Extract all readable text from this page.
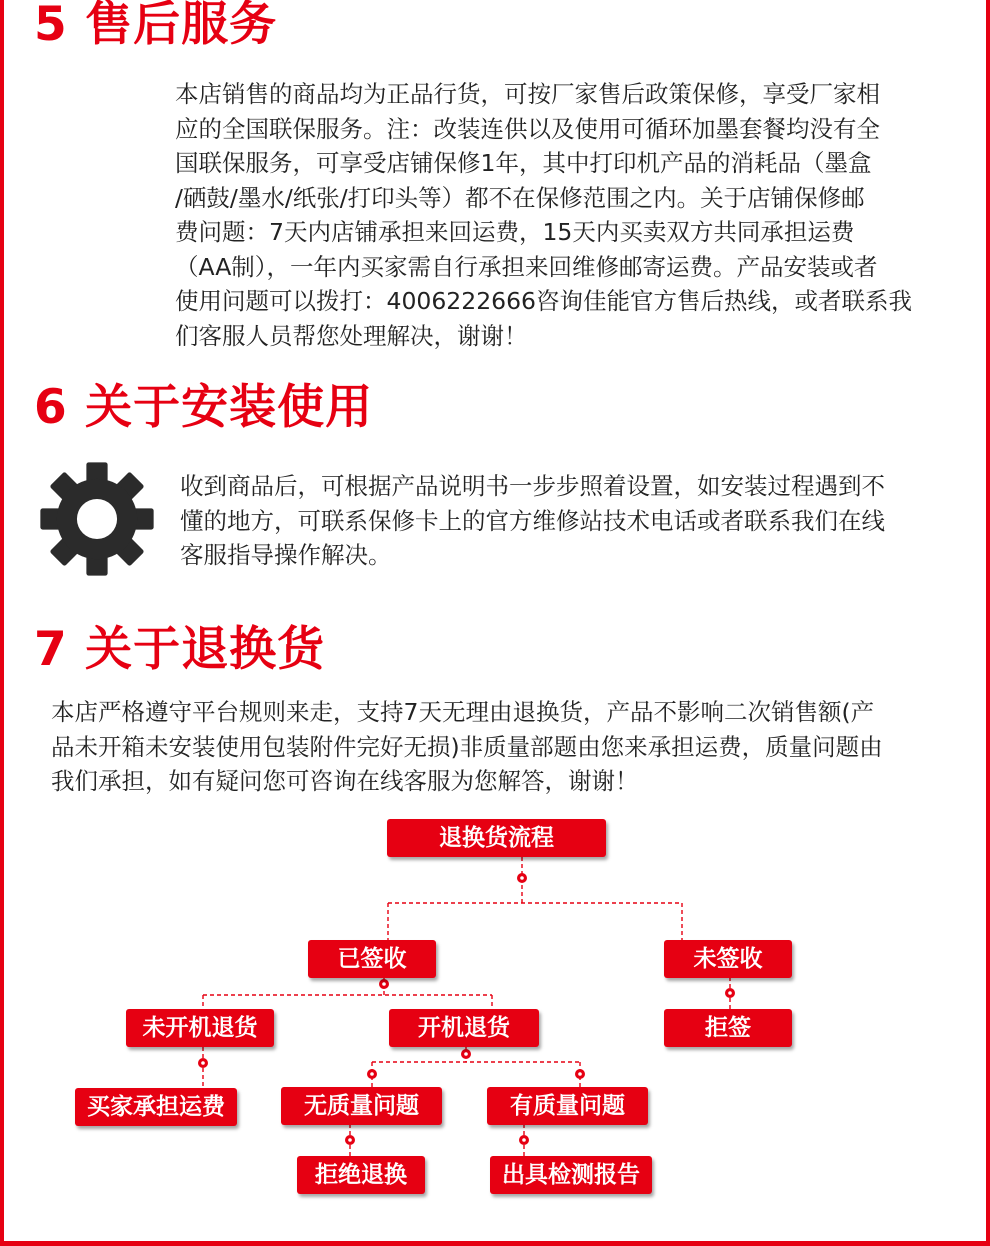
5 售后服务
本店销售的商品均为正品行货，可按厂家售后政策保修，享受厂家相
应的全国联保服务。注：改装连供以及使用可循环加墨套餐均没有全
国联保服务，可享受店铺保修1年，其中打印机产品的消耗品（墨盒
/硒鼓/墨水/纸张/打印头等）都不在保修范围之内。关于店铺保修邮
费问题：7天内店铺承担来回运费，15天内买卖双方共同承担运费
（AA制），一年内买家需自行承担来回维修邮寄运费。产品安装或者
使用问题可以拨打：4006222666咨询佳能官方售后热线，或者联系我
们客服人员帮您处理解决，谢谢！
6 关于安装使用
收到商品后，可根据产品说明书一步步照着设置，如安装过程遇到不
懂的地方，可联系保修卡上的官方维修站技术电话或者联系我们在线
客服指导操作解决。
7 关于退换货
本店严格遵守平台规则来走，支持7天无理由退换货，产品不影响二次销售额(产
品未开箱未安装使用包装附件完好无损)非质量部题由您来承担运费，质量问题由
我们承担，如有疑问您可咨询在线客服为您解答，谢谢！
退换货流程
已签收	未签收
未开机退货	开机退货	拒签
买家承担运费	无质量问题	有质量问题
拒绝退换	出具检测报告
